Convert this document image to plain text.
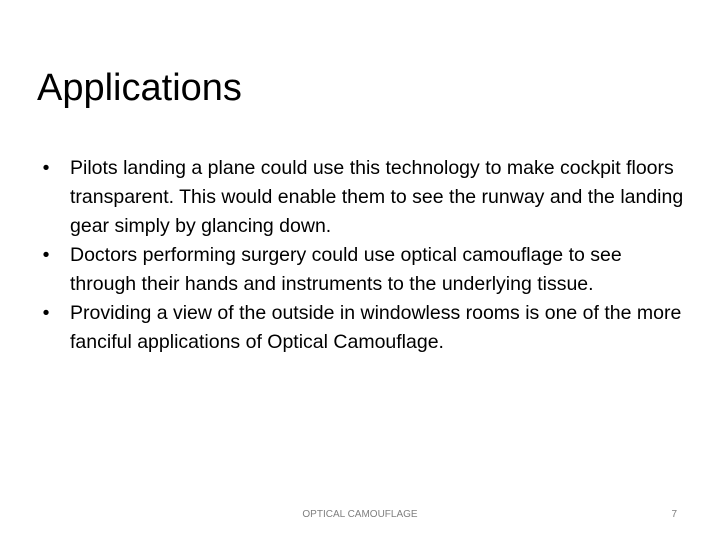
Applications
•	Pilots landing a plane could use this technology to make cockpit floors transparent. This would enable them to see the runway and the landing gear simply by glancing down.
•	Doctors performing surgery could use optical camouflage to see through their hands and instruments to the underlying tissue.
•	Providing a view of the outside in windowless rooms is one of the more fanciful applications of Optical Camouflage.
OPTICAL CAMOUFLAGE	7
